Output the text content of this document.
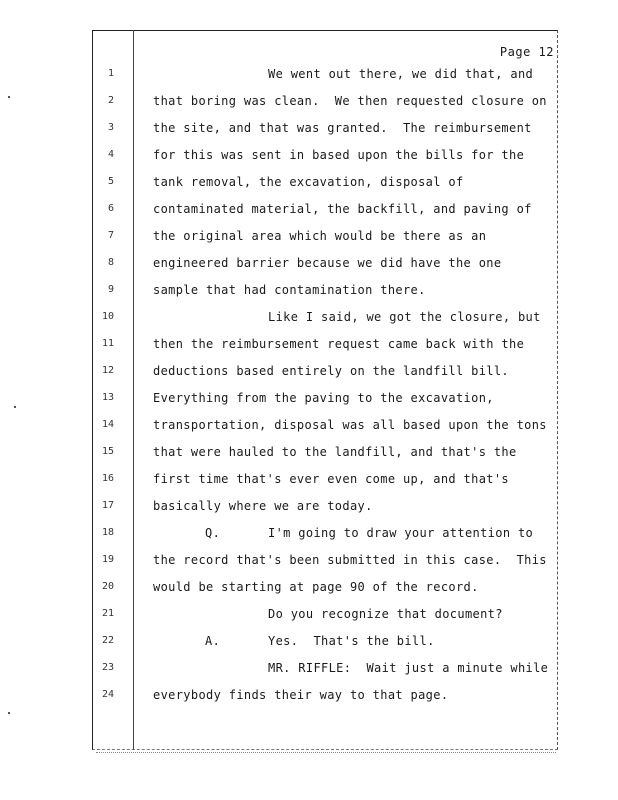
Page 12
1	We went out there, we did that, and
2	that boring was clean.  We then requested closure on
3	the site, and that was granted.  The reimbursement
4	for this was sent in based upon the bills for the
5	tank removal, the excavation, disposal of
6	contaminated material, the backfill, and paving of
7	the original area which would be there as an
8	engineered barrier because we did have the one
9	sample that had contamination there.
10	Like I said, we got the closure, but
11	then the reimbursement request came back with the
12	deductions based entirely on the landfill bill.
13	Everything from the paving to the excavation,
14	transportation, disposal was all based upon the tons
15	that were hauled to the landfill, and that's the
16	first time that's ever even come up, and that's
17	basically where we are today.
18	Q.	I'm going to draw your attention to
19	the record that's been submitted in this case.  This
20	would be starting at page 90 of the record.
21	Do you recognize that document?
22	A.	Yes.  That's the bill.
23	MR. RIFFLE:  Wait just a minute while
24	everybody finds their way to that page.
